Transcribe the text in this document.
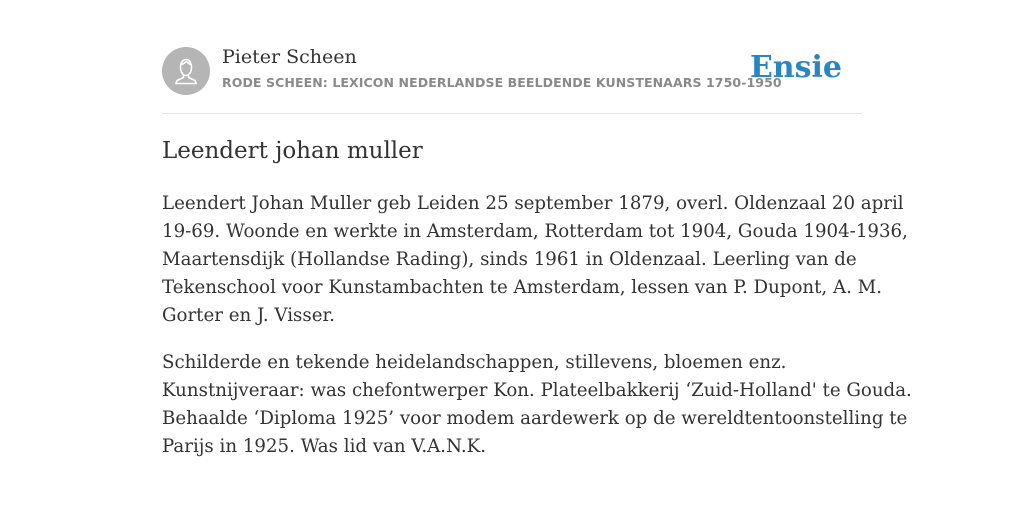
Pieter Scheen
RODE SCHEEN: LEXICON NEDERLANDSE BEELDENDE KUNSTENAARS 1750-1950
Ensie
Leendert johan muller

Leendert Johan Muller geb Leiden 25 september 1879, overl. Oldenzaal 20 april
19-69. Woonde en werkte in Amsterdam, Rotterdam tot 1904, Gouda 1904-1936,
Maartensdijk (Hollandse Rading), sinds 1961 in Oldenzaal. Leerling van de
Tekenschool voor Kunstambachten te Amsterdam, lessen van P. Dupont, A. M.
Gorter en J. Visser.

Schilderde en tekende heidelandschappen, stillevens, bloemen enz.
Kunstnijveraar: was chefontwerper Kon. Plateelbakkerij ‘Zuid-Holland' te Gouda.
Behaalde ‘Diploma 1925’ voor modem aardewerk op de wereldtentoonstelling te
Parijs in 1925. Was lid van V.A.N.K.
